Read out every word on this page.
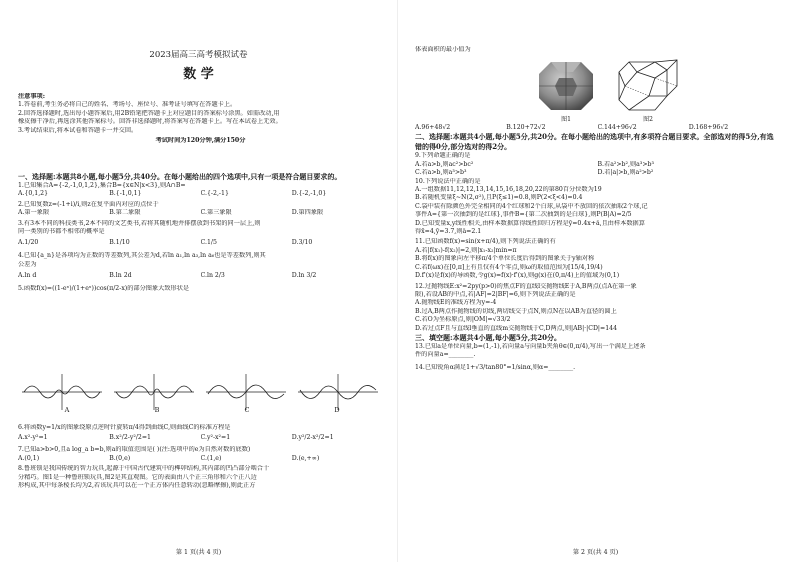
2023届高三高考模拟试卷
数 学
注意事项:
1.答卷前,考生务必将自己的姓名、考场号、座位号、准考证号填写在答题卡上。
2.回答选择题时,选出每小题答案后,用2B铅笔把答题卡上对应题目的答案标号涂黑。如需改动,用
橡皮擦干净后,再选涂其他答案标号。回答非选择题时,将答案写在答题卡上。写在本试卷上无效。
3.考试结束后,将本试卷和答题卡一并交回。
考试时间为120分钟,满分150分
一、选择题:本题共8小题,每小题5分,共40分。在每小题给出的四个选项中,只有一项是符合题目要求的。
1.已知集合A={-2,-1,0,1,2},集合B={x∈N|x<3},则A∩B=
A.{0,1,2}	B.{-1,0,1}	C.{-2,-1}	D.{-2,-1,0}
2.已知复数z=(-1+i)/i,则z在复平面内对应的点位于
A.第一象限	B.第二象限	C.第三象限	D.第四象限
3.有3本不同的科技类书,2本不同的文艺类书,若将其随机地并排摆放到书架的同一层上,则
同一类别的书都不相邻的概率是
A.1/20	B.1/10	C.1/5	D.3/10
4.已知{a_n}是各项均为正数的等差数列,其公差为d,若ln a₁,ln a₃,ln a₆也是等差数列,则其
公差为
A.ln d	B.ln 2d	C.ln 2/3	D.ln 3/2
5.函数f(x)=((1-eˣ)/(1+eˣ))cos(π/2-x)的部分图象大致形状是
A	B	C	D
6.将函数y=1/x的图象绕原点逆时针旋转π/4得到曲线C,则曲线C的标准方程是
A.x²-y²=1	B.x²/2-y²/2=1	C.y²-x²=1	D.y²/2-x²/2=1
7.已知a>b>0,且a log_a b=b,则a的取值范围是( )(注:选项中的e为自然对数的底数)
A.(0,1)	B.(0,e)	C.(1,e)	D.(e,+∞)
8.鲁班锁是我国传统的智力玩具,起源于中国古代建筑中的榫卯结构,其内部的凹凸部分啮合十
分精巧。图1是一种鲁班锁玩具,图2是其直观图。它的表面由八个正三角形和六个正八边
形构成,其中每条棱长均为2,若该玩具可以在一个正方体内任意转动(忽略摩擦),则此正方
第 1 页(共 4 页)
体表面积的最小值为
图1	图2
A.96+48√2	B.120+72√2	C.144+96√2	D.168+96√2
二、选择题:本题共4小题,每小题5分,共20分。在每小题给出的选项中,有多项符合题目要求。全部选对的得5分,有选错的得0分,部分选对的得2分。
9.下列命题正确的是
A.若a>b,则ac²>bc²	B.若a²>b²,则a³>b³
C.若a>b,则a³>b³	D.若|a|>b,则a²>b²
10.下列说法中正确的是
A.一组数据11,12,12,13,14,15,16,18,20,22的第80百分位数为19
B.若随机变量ξ~N(2,σ²),且P(ξ≤1)=0.8,则P(2<ξ<4)=0.4
C.袋中装有除颜色外完全相同的4个红球和2个白球,从袋中不放回的依次抽取2个球,记
事件A={第一次抽到的是红球},事件B={第二次抽到的是白球},则P(B|A)=2/5
D.已知变量x,y线性相关,由样本数据算得线性回归方程是ŷ=0.4x+â,且由样本数据算
得x̄=4,ȳ=3.7,则â=2.1
11.已知函数f(x)=sin(x+π/4),则下列说法正确的有
A.若|f(x₁)-f(x₂)|=2,则|x₁-x₂|min=π
B.将f(x)的图象向左平移π/4个单位长度后得到的图象关于y轴对称
C.若f(ωx)在[0,π]上有且仅有4个零点,则ω的取值范围为[15/4,19/4)
D.f'(x)是f(x)的导函数,令g(x)=f(x)·f'(x),则g(x)在(0,π/4)上的值域为(0,1)
12.过抛物线E:x²=2py(p>0)的焦点F的直线l交抛物线E于A,B两点(点A在第一象
限),若设AB的中点,若|AF|=2|BF|=6,则下列说法正确的是
A.抛物线E的准线方程为y=-4
B.过A,B两点作抛物线的切线,两切线交于点N,则点N在以AB为直径的圆上
C.若O为坐标原点,则|OM|=√33/2
D.若过点F且与直线l垂直的直线m交抛物线于C,D两点,则|AB|·|CD|=144
三、填空题:本题共4小题,每小题5分,共20分。
13.已知a是单位向量,b=(1,-1),若向量a与向量b夹角θ∈(0,π/4),写出一个满足上述条
件的向量a=________.
14.已知锐角α满足1+√3/tan80°=1/sinα,则α=________.
第 2 页(共 4 页)
